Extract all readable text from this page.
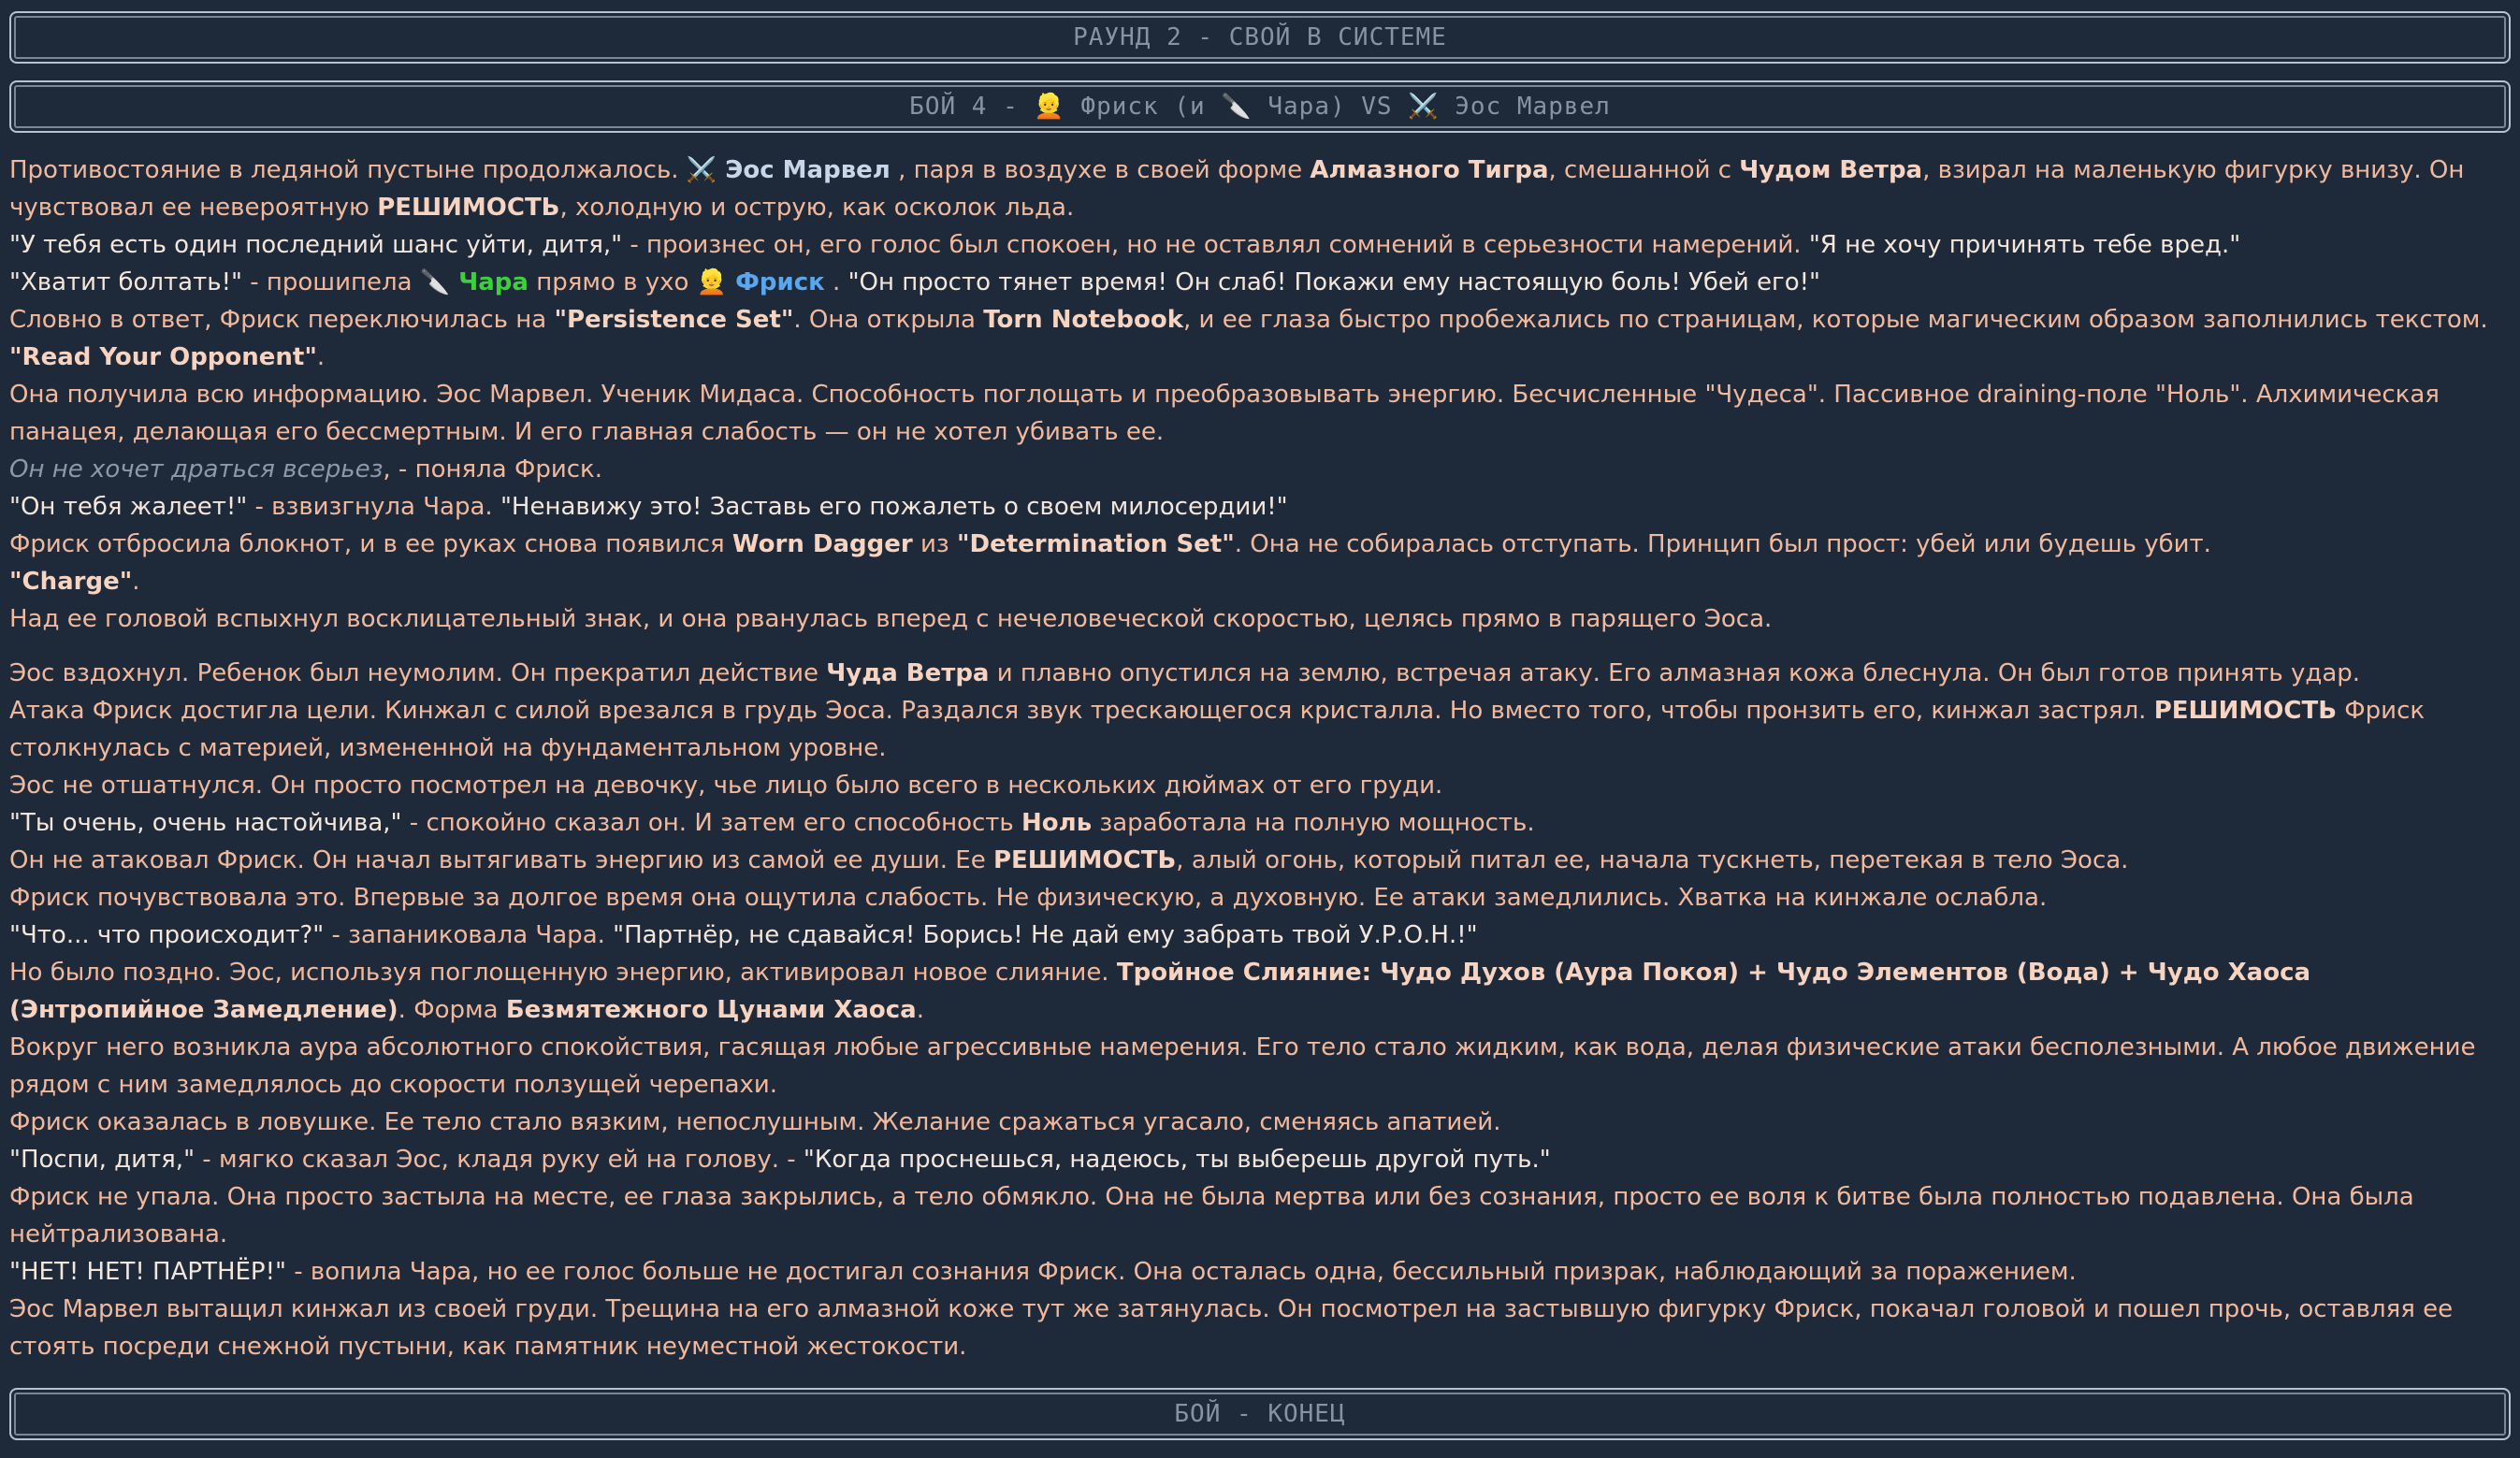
РАУНД 2 - СВОЙ В СИСТЕМЕ
БОЙ 4 - 👱 Фриск (и 🔪 Чара) VS ⚔️ Эос Марвел

Противостояние в ледяной пустыне продолжалось. ⚔️ Эос Марвел , паря в воздухе в своей форме Алмазного Тигра, смешанной с Чудом Ветра, взирал на маленькую фигурку внизу. Он чувствовал ее невероятную РЕШИМОСТЬ, холодную и острую, как осколок льда.

"У тебя есть один последний шанс уйти, дитя," - произнес он, его голос был спокоен, но не оставлял сомнений в серьезности намерений. "Я не хочу причинять тебе вред."

"Хватит болтать!" - прошипела 🔪 Чара прямо в ухо 👱 Фриск . "Он просто тянет время! Он слаб! Покажи ему настоящую боль! Убей его!"

Словно в ответ, Фриск переключилась на "Persistence Set". Она открыла Torn Notebook, и ее глаза быстро пробежались по страницам, которые магическим образом заполнились текстом.

"Read Your Opponent".

Она получила всю информацию. Эос Марвел. Ученик Мидаса. Способность поглощать и преобразовывать энергию. Бесчисленные "Чудеса". Пассивное draining-поле "Ноль". Алхимическая панацея, делающая его бессмертным. И его главная слабость — он не хотел убивать ее.

Он не хочет драться всерьез, - поняла Фриск.

"Он тебя жалеет!" - взвизгнула Чара. "Ненавижу это! Заставь его пожалеть о своем милосердии!"

Фриск отбросила блокнот, и в ее руках снова появился Worn Dagger из "Determination Set". Она не собиралась отступать. Принцип был прост: убей или будешь убит.

"Charge".

Над ее головой вспыхнул восклицательный знак, и она рванулась вперед с нечеловеческой скоростью, целясь прямо в парящего Эоса.

Эос вздохнул. Ребенок был неумолим. Он прекратил действие Чуда Ветра и плавно опустился на землю, встречая атаку. Его алмазная кожа блеснула. Он был готов принять удар.

Атака Фриск достигла цели. Кинжал с силой врезался в грудь Эоса. Раздался звук трескающегося кристалла. Но вместо того, чтобы пронзить его, кинжал застрял. РЕШИМОСТЬ Фриск столкнулась с материей, измененной на фундаментальном уровне.

Эос не отшатнулся. Он просто посмотрел на девочку, чье лицо было всего в нескольких дюймах от его груди.

"Ты очень, очень настойчива," - спокойно сказал он. И затем его способность Ноль заработала на полную мощность.

Он не атаковал Фриск. Он начал вытягивать энергию из самой ее души. Ее РЕШИМОСТЬ, алый огонь, который питал ее, начала тускнеть, перетекая в тело Эоса.

Фриск почувствовала это. Впервые за долгое время она ощутила слабость. Не физическую, а духовную. Ее атаки замедлились. Хватка на кинжале ослабла.

"Что... что происходит?" - запаниковала Чара. "Партнёр, не сдавайся! Борись! Не дай ему забрать твой У.Р.О.Н.!"

Но было поздно. Эос, используя поглощенную энергию, активировал новое слияние. Тройное Слияние: Чудо Духов (Аура Покоя) + Чудо Элементов (Вода) + Чудо Хаоса (Энтропийное Замедление). Форма Безмятежного Цунами Хаоса.

Вокруг него возникла аура абсолютного спокойствия, гасящая любые агрессивные намерения. Его тело стало жидким, как вода, делая физические атаки бесполезными. А любое движение рядом с ним замедлялось до скорости ползущей черепахи.

Фриск оказалась в ловушке. Ее тело стало вязким, непослушным. Желание сражаться угасало, сменяясь апатией.

"Поспи, дитя," - мягко сказал Эос, кладя руку ей на голову. - "Когда проснешься, надеюсь, ты выберешь другой путь."

Фриск не упала. Она просто застыла на месте, ее глаза закрылись, а тело обмякло. Она не была мертва или без сознания, просто ее воля к битве была полностью подавлена. Она была нейтрализована.

"НЕТ! НЕТ! ПАРТНЁР!" - вопила Чара, но ее голос больше не достигал сознания Фриск. Она осталась одна, бессильный призрак, наблюдающий за поражением.

Эос Марвел вытащил кинжал из своей груди. Трещина на его алмазной коже тут же затянулась. Он посмотрел на застывшую фигурку Фриск, покачал головой и пошел прочь, оставляя ее стоять посреди снежной пустыни, как памятник неуместной жестокости.

БОЙ - КОНЕЦ
